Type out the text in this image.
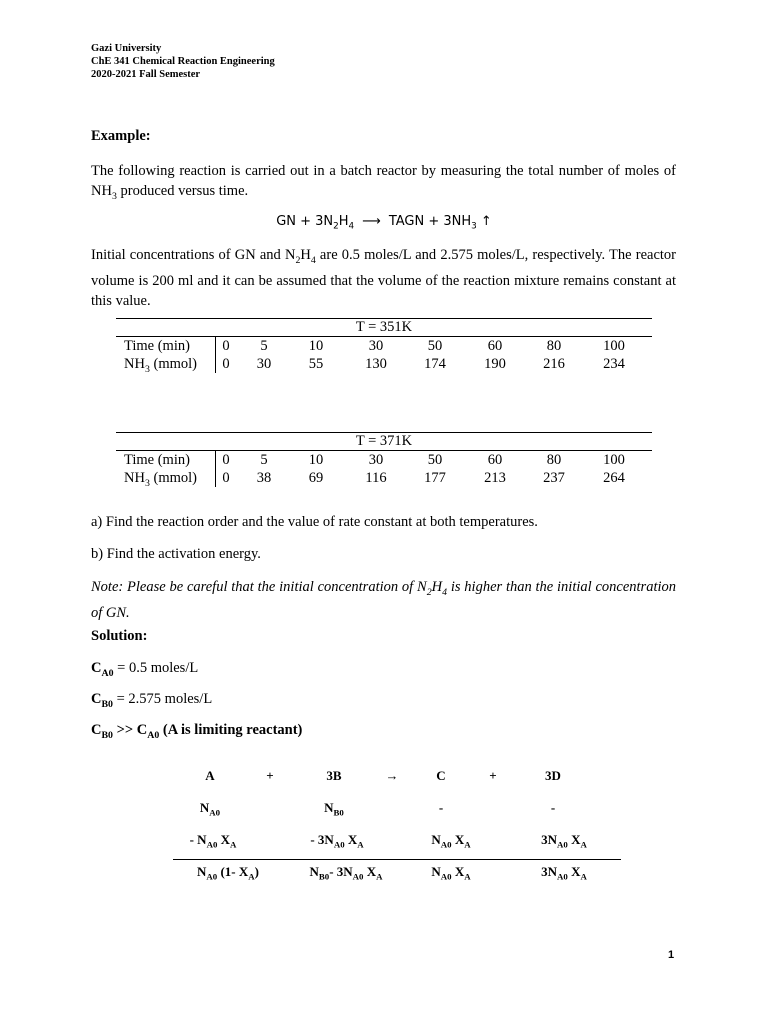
Gazi University
ChE 341 Chemical Reaction Engineering
2020-2021 Fall Semester
Example:
The following reaction is carried out in a batch reactor by measuring the total number of moles of $NH_3$ produced versus time.
GN + $3N_2H_4$ ⟶ TAGN + $3NH_3$ ↑
Initial concentrations of GN and $N_2H_4$ are 0.5 moles/L and 2.575 moles/L, respectively. The reactor volume is 200 ml and it can be assumed that the volume of the reaction mixture remains constant at this value.
T = 351K
Time (min)	0 5	10	30	50	60	80	100
$NH_3$ (mmol)	0 30	55	130	174	190	216	234
T = 371K
Time (min)	0 5	10	30	50	60	80	100
$NH_3$ (mmol)	0 38	69	116	177	213	237	264
a) Find the reaction order and the value of rate constant at both temperatures.
b) Find the activation energy.
Note: Please be careful that the initial concentration of $N_2H_4$ is higher than the initial concentration of GN.
Solution:
$C_{A0} = 0.5$ moles/L
$C_{B0} = 2.575$ moles/L
$C_{B0} >> C_{A0}$ (A is limiting reactant)
A	+	3B	→	C	+	3D
$N_{A0}$	$N_{B0}$	-	-
- $N_{A0}$ $X_A$	- $3N_{A0}$ $X_A$	$N_{A0}$ $X_A$	$3N_{A0}$ $X_A$
$N_{A0}$ (1- $X_A$)	$N_{B0}-$ $3N_{A0}$ $X_A$	$N_{A0}$ $X_A$	$3N_{A0}$ $X_A$
1
